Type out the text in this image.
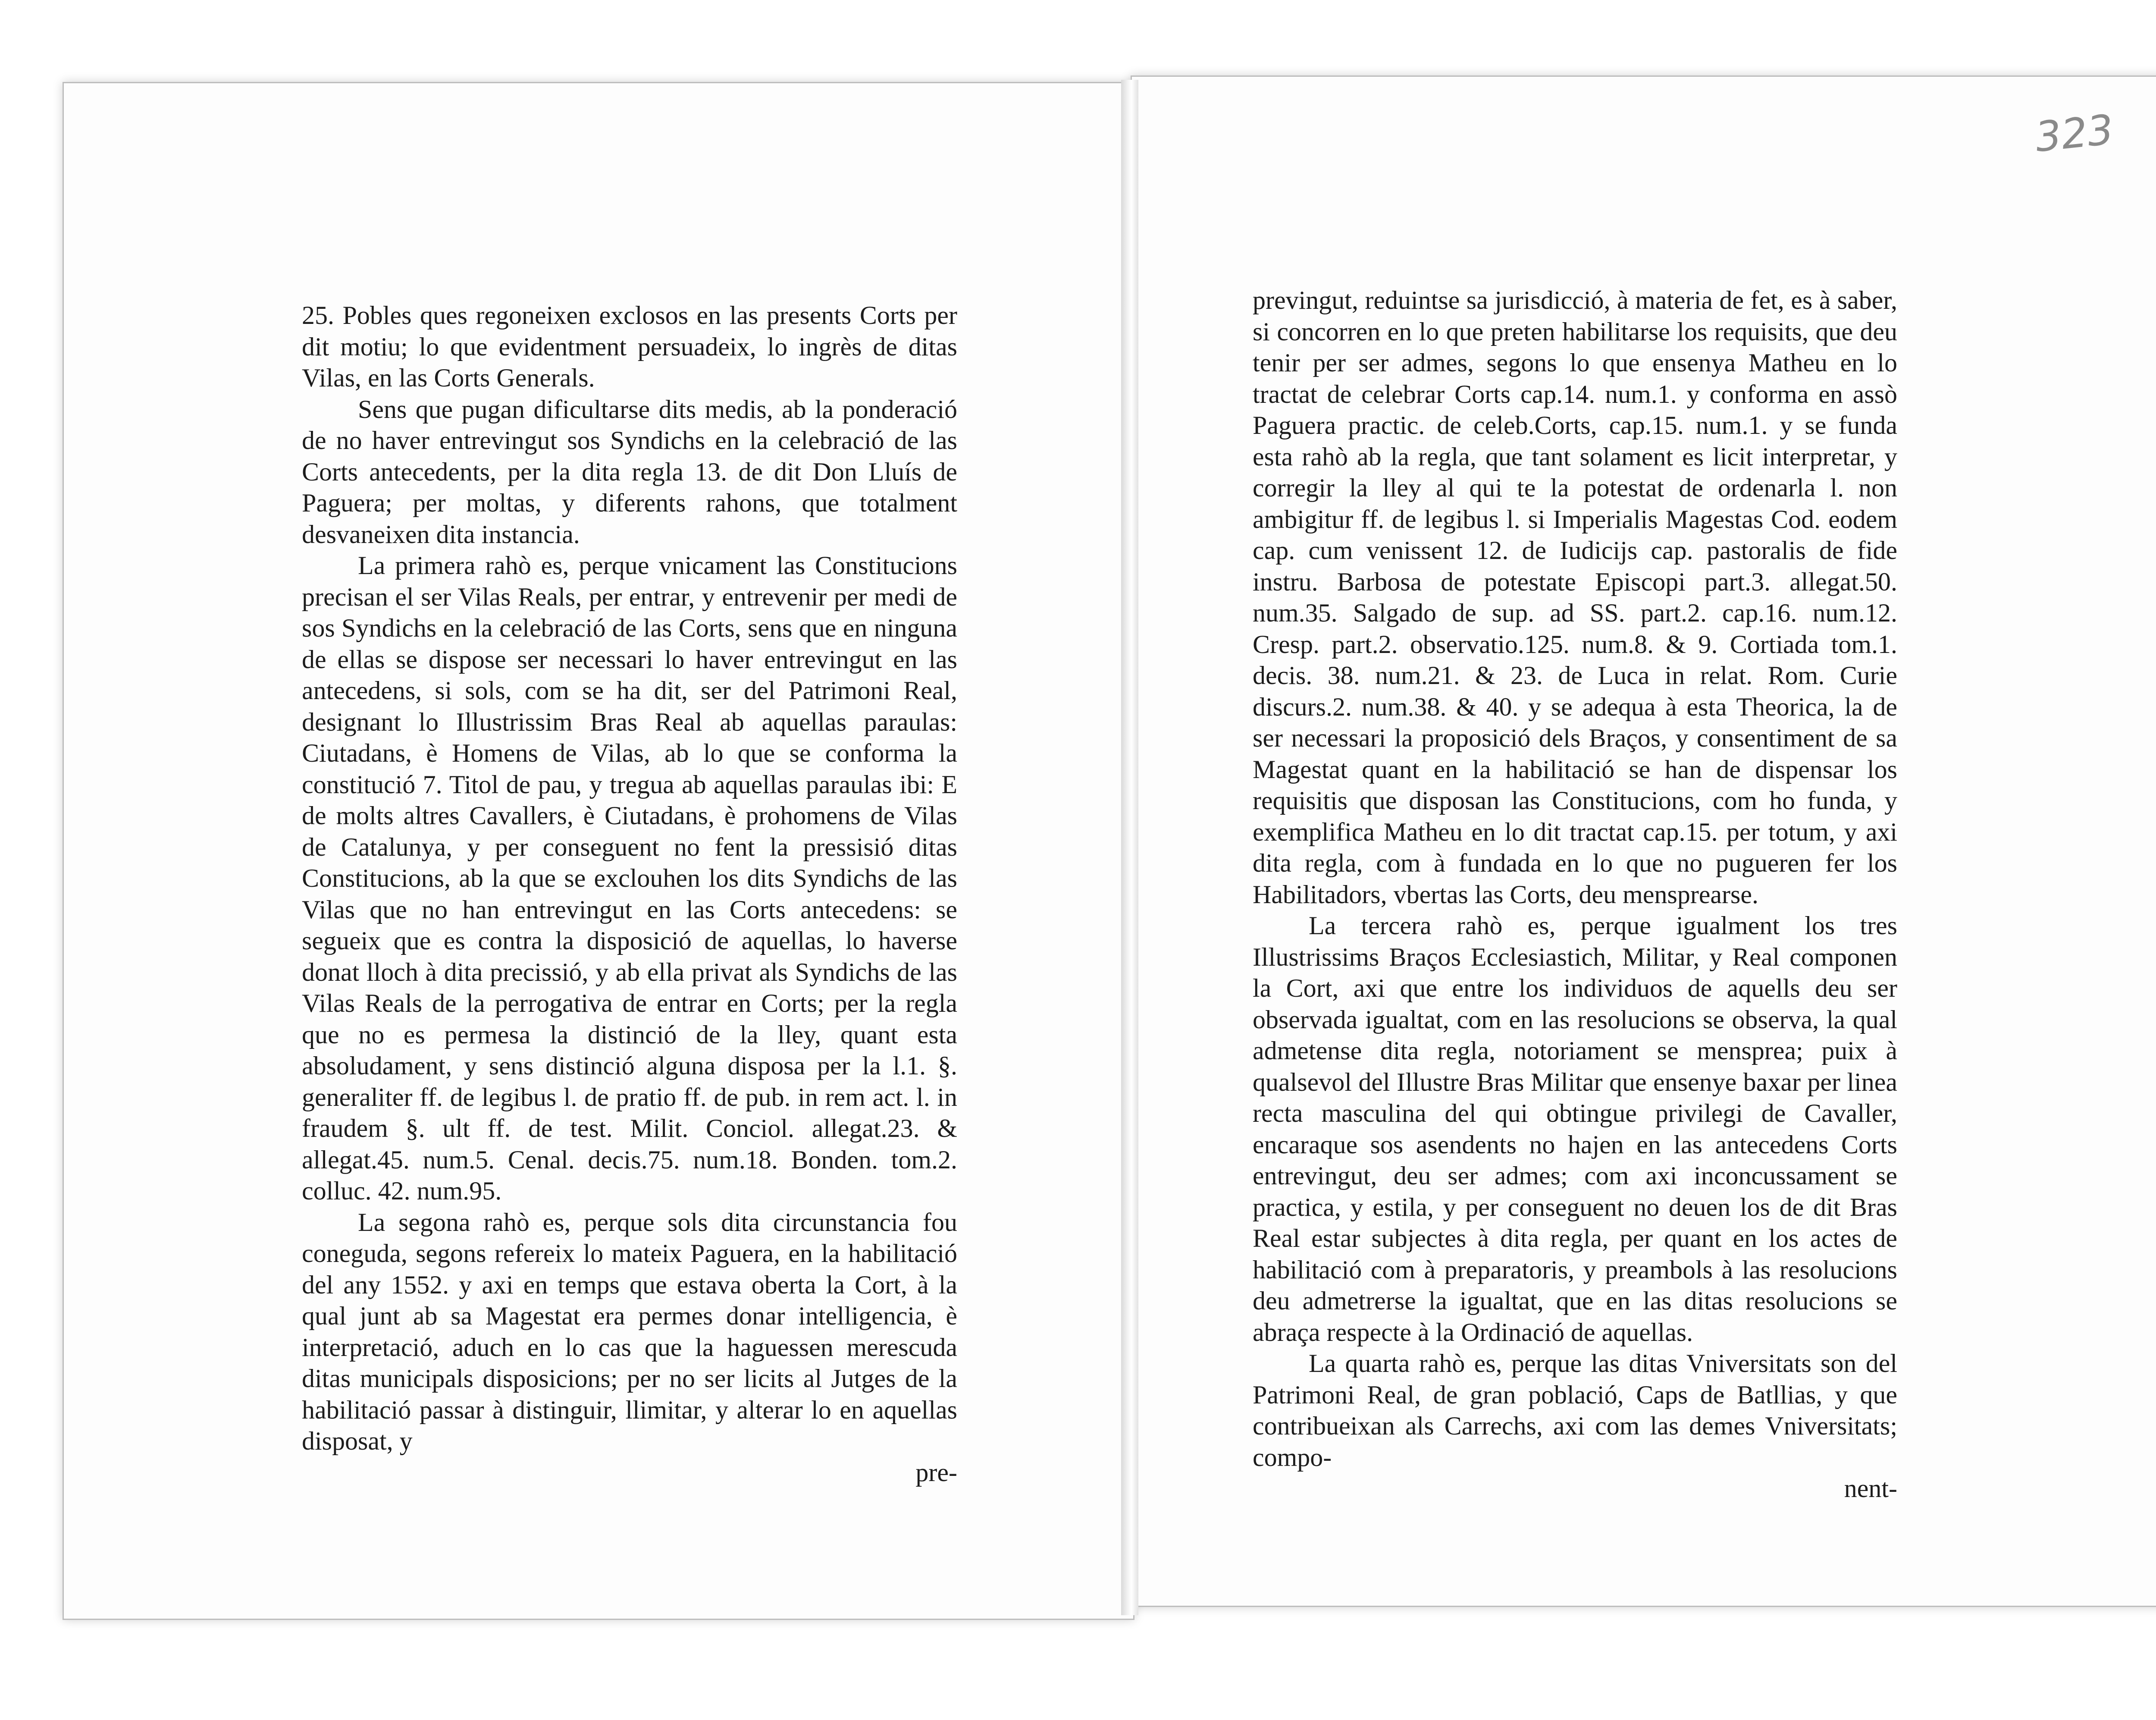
323

25. Pobles ques regoneixen exclosos en las presents Corts per dit motiu; lo que evidentment persuadeix, lo ingrès de ditas Vilas, en las Corts Generals.

Sens que pugan dificultarse dits medis, ab la ponderació de no haver entrevingut sos Syndichs en la celebració de las Corts antecedents, per la dita regla 13. de dit Don Lluís de Paguera; per moltas, y diferents rahons, que totalment desvaneixen dita instancia.

La primera rahò es, perque vnicament las Constitucions precisan el ser Vilas Reals, per entrar, y entrevenir per medi de sos Syndichs en la celebració de las Corts, sens que en ninguna de ellas se dispose ser necessari lo haver entrevingut en las antecedens, si sols, com se ha dit, ser del Patrimoni Real, designant lo Illustrissim Bras Real ab aquellas paraulas: Ciutadans, è Homens de Vilas, ab lo que se conforma la constitució 7. Titol de pau, y tregua ab aquellas paraulas ibi: E de molts altres Cavallers, è Ciutadans, è prohomens de Vilas de Catalunya, y per conseguent no fent la pressisió ditas Constitucions, ab la que se exclouhen los dits Syndichs de las Vilas que no han entrevingut en las Corts antecedens: se segueix que es contra la disposició de aquellas, lo haverse donat lloch à dita precissió, y ab ella privat als Syndichs de las Vilas Reals de la perrogativa de entrar en Corts; per la regla que no es permesa la distinció de la lley, quant esta absoludament, y sens distinció alguna disposa per la l.1. §. generaliter ff. de legibus l. de pratio ff. de pub. in rem act. l. in fraudem §. ult ff. de test. Milit. Conciol. allegat.23. & allegat.45. num.5. Cenal. decis.75. num.18. Bonden. tom.2. colluc. 42. num.95.

La segona rahò es, perque sols dita circunstancia fou coneguda, segons refereix lo mateix Paguera, en la habilitació del any 1552. y axi en temps que estava oberta la Cort, à la qual junt ab sa Magestat era permes donar intelligencia, è interpretació, aduch en lo cas que la haguessen merescuda ditas municipals disposicions; per no ser licits al Jutges de la habilitació passar à distinguir, llimitar, y alterar lo en aquellas disposat, y

pre-

previngut, reduintse sa jurisdicció, à materia de fet, es à saber, si concorren en lo que preten habilitarse los requisits, que deu tenir per ser admes, segons lo que ensenya Matheu en lo tractat de celebrar Corts cap.14. num.1. y conforma en assò Paguera practic. de celeb.Corts, cap.15. num.1. y se funda esta rahò ab la regla, que tant solament es licit interpretar, y corregir la lley al qui te la potestat de ordenarla l. non ambigitur ff. de legibus l. si Imperialis Magestas Cod. eodem cap. cum venissent 12. de Iudicijs cap. pastoralis de fide instru. Barbosa de potestate Episcopi part.3. allegat.50. num.35. Salgado de sup. ad SS. part.2. cap.16. num.12. Cresp. part.2. observatio.125. num.8. & 9. Cortiada tom.1. decis. 38. num.21. & 23. de Luca in relat. Rom. Curie discurs.2. num.38. & 40. y se adequa à esta Theorica, la de ser necessari la proposició dels Braços, y consentiment de sa Magestat quant en la habilitació se han de dispensar los requisitis que disposan las Constitucions, com ho funda, y exemplifica Matheu en lo dit tractat cap.15. per totum, y axi dita regla, com à fundada en lo que no pugueren fer los Habilitadors, vbertas las Corts, deu mensprearse.

La tercera rahò es, perque igualment los tres Illustrissims Braços Ecclesiastich, Militar, y Real componen la Cort, axi que entre los individuos de aquells deu ser observada igualtat, com en las resolucions se observa, la qual admetense dita regla, notoriament se menspreа; puix à qualsevol del Illustre Bras Militar que ensenye baxar per linea recta masculina del qui obtingue privilegi de Cavaller, encaraque sos asendents no hajen en las antecedens Corts entrevingut, deu ser admes; com axi inconcussament se practica, y estila, y per conseguent no deuen los de dit Bras Real estar subjectes à dita regla, per quant en los actes de habilitació com à preparatoris, y preambols à las resolucions deu admetrerse la igualtat, que en las ditas resolucions se abraça respecte à la Ordinació de aquellas.

La quarta rahò es, perque las ditas Vniversitats son del Patrimoni Real, de gran població, Caps de Batllias, y que contribueixan als Carrechs, axi com las demes Vniversitats; compo-

nent-
